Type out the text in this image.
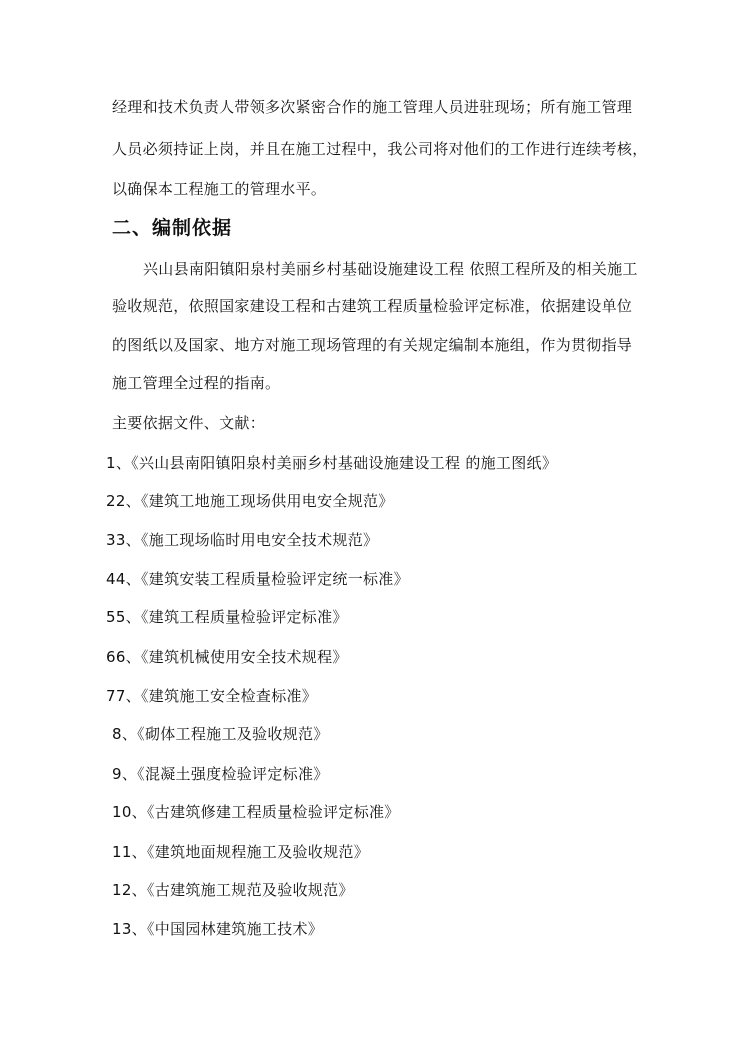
经理和技术负责人带领多次紧密合作的施工管理人员进驻现场；所有施工管理
人员必须持证上岗，并且在施工过程中，我公司将对他们的工作进行连续考核，
以确保本工程施工的管理水平。
二、编制依据
兴山县南阳镇阳泉村美丽乡村基础设施建设工程 依照工程所及的相关施工
验收规范，依照国家建设工程和古建筑工程质量检验评定标准，依据建设单位
的图纸以及国家、地方对施工现场管理的有关规定编制本施组，作为贯彻指导
施工管理全过程的指南。
主要依据文件、文献：
1、《兴山县南阳镇阳泉村美丽乡村基础设施建设工程 的施工图纸》
22、《建筑工地施工现场供用电安全规范》
33、《施工现场临时用电安全技术规范》
44、《建筑安装工程质量检验评定统一标准》
55、《建筑工程质量检验评定标准》
66、《建筑机械使用安全技术规程》
77、《建筑施工安全检查标准》
8、《砌体工程施工及验收规范》
9、《混凝土强度检验评定标准》
10、《古建筑修建工程质量检验评定标准》
11、《建筑地面规程施工及验收规范》
12、《古建筑施工规范及验收规范》
13、《中国园林建筑施工技术》
